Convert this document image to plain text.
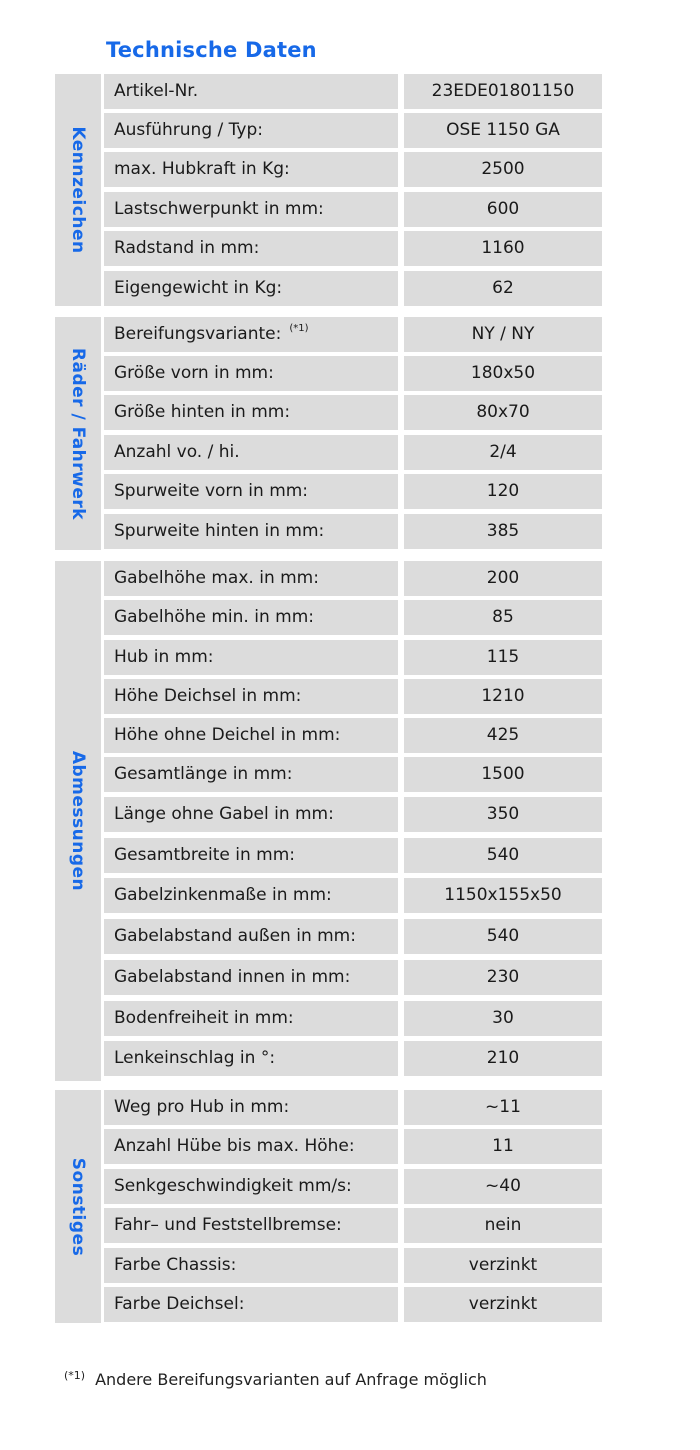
Technische Daten
Kennzeichen
Artikel-Nr.	23EDE01801150
Ausführung / Typ:	OSE 1150 GA
max. Hubkraft in Kg:	2500
Lastschwerpunkt in mm:	600
Radstand in mm:	1160
Eigengewicht in Kg:	62
Räder / Fahrwerk
Bereifungsvariante: $^{(*1)}$	NY / NY
Größe vorn in mm:	180x50
Größe hinten in mm:	80x70
Anzahl vo. / hi.	2/4
Spurweite vorn in mm:	120
Spurweite hinten in mm:	385
Abmessungen
Gabelhöhe max. in mm:	200
Gabelhöhe min. in mm:	85
Hub in mm:	115
Höhe Deichsel in mm:	1210
Höhe ohne Deichel in mm:	425
Gesamtlänge in mm:	1500
Länge ohne Gabel in mm:	350
Gesamtbreite in mm:	540
Gabelzinkenmaße in mm:	1150x155x50
Gabelabstand außen in mm:	540
Gabelabstand innen in mm:	230
Bodenfreiheit in mm:	30
Lenkeinschlag in °:	210
Sonstiges
Weg pro Hub in mm:	~11
Anzahl Hübe bis max. Höhe:	11
Senkgeschwindigkeit mm/s:	~40
Fahr– und Feststellbremse:	nein
Farbe Chassis:	verzinkt
Farbe Deichsel:	verzinkt
$^{(*1)}$ Andere Bereifungsvarianten auf Anfrage möglich
